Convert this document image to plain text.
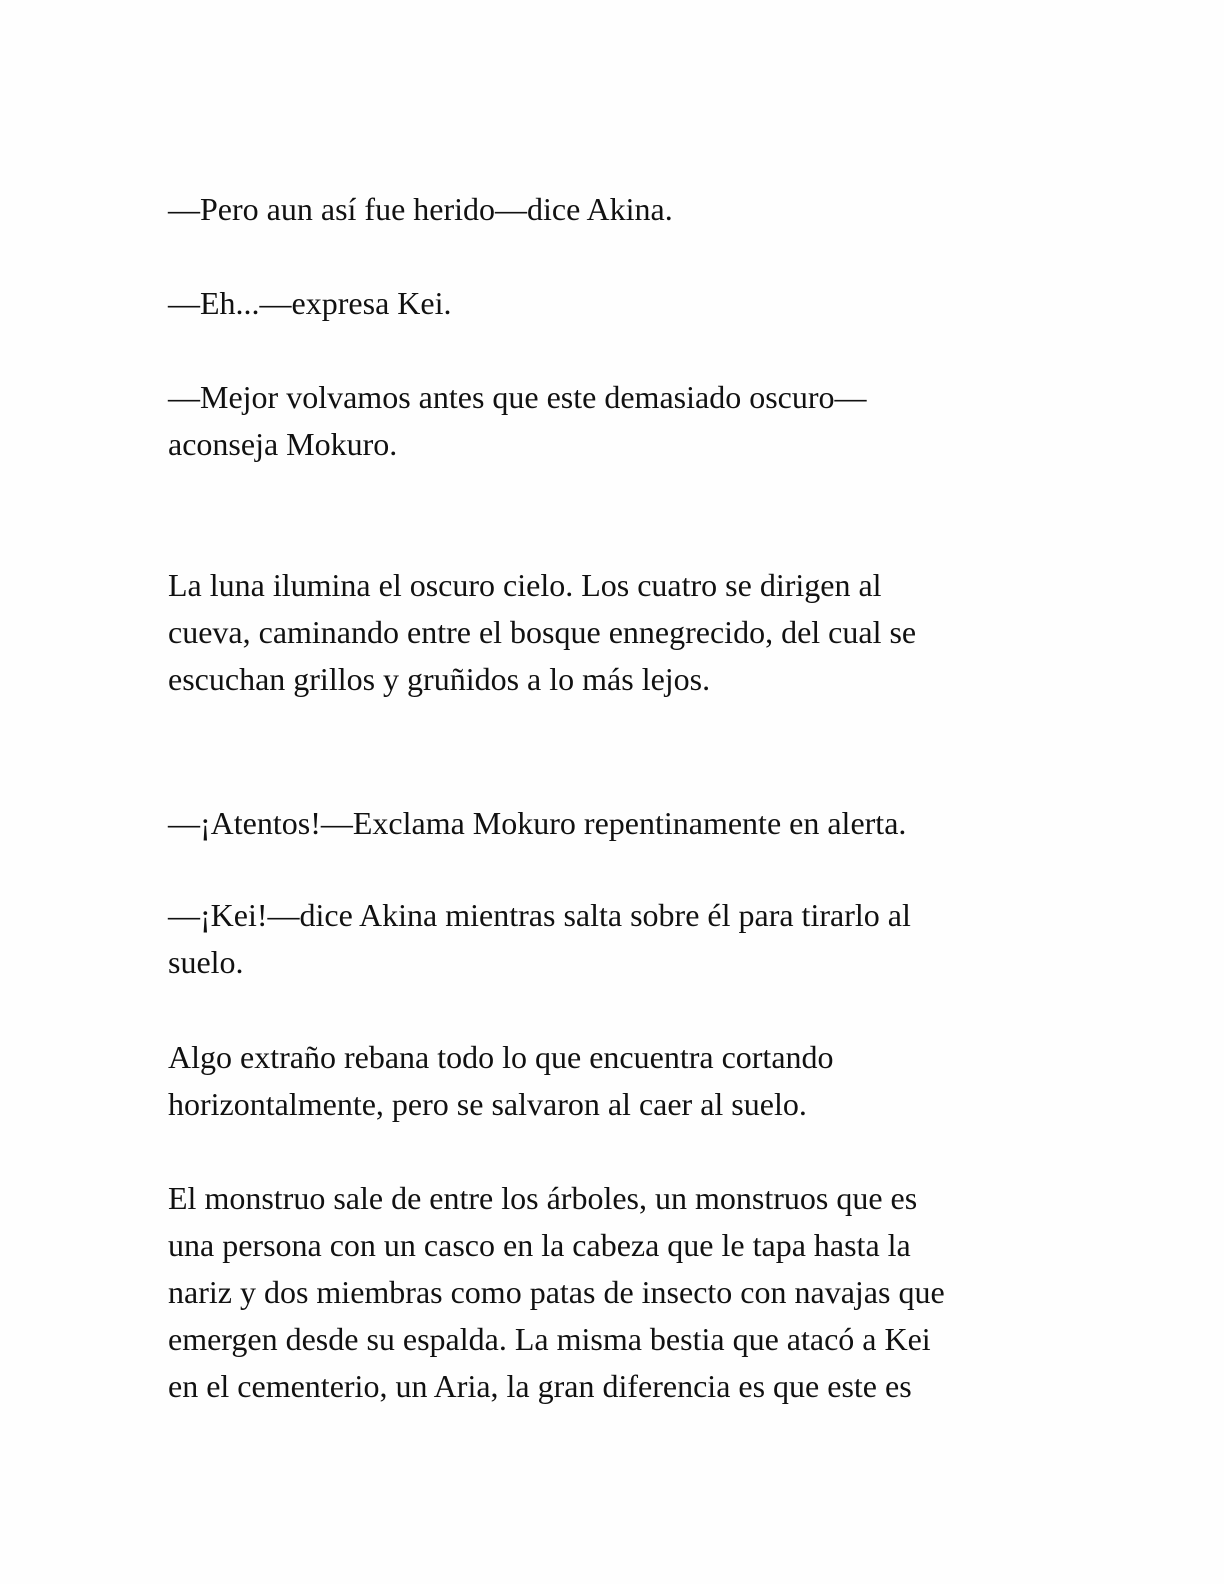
—Pero aun así fue herido—dice Akina.
—Eh...—expresa Kei.
—Mejor volvamos antes que este demasiado oscuro—
aconseja Mokuro.
La luna ilumina el oscuro cielo. Los cuatro se dirigen al
cueva, caminando entre el bosque ennegrecido, del cual se
escuchan grillos y gruñidos a lo más lejos.
—¡Atentos!—Exclama Mokuro repentinamente en alerta.
—¡Kei!—dice Akina mientras salta sobre él para tirarlo al
suelo.
Algo extraño rebana todo lo que encuentra cortando
horizontalmente, pero se salvaron al caer al suelo.
El monstruo sale de entre los árboles, un monstruos que es
una persona con un casco en la cabeza que le tapa hasta la
nariz y dos miembras como patas de insecto con navajas que
emergen desde su espalda. La misma bestia que atacó a Kei
en el cementerio, un Aria, la gran diferencia es que este es
